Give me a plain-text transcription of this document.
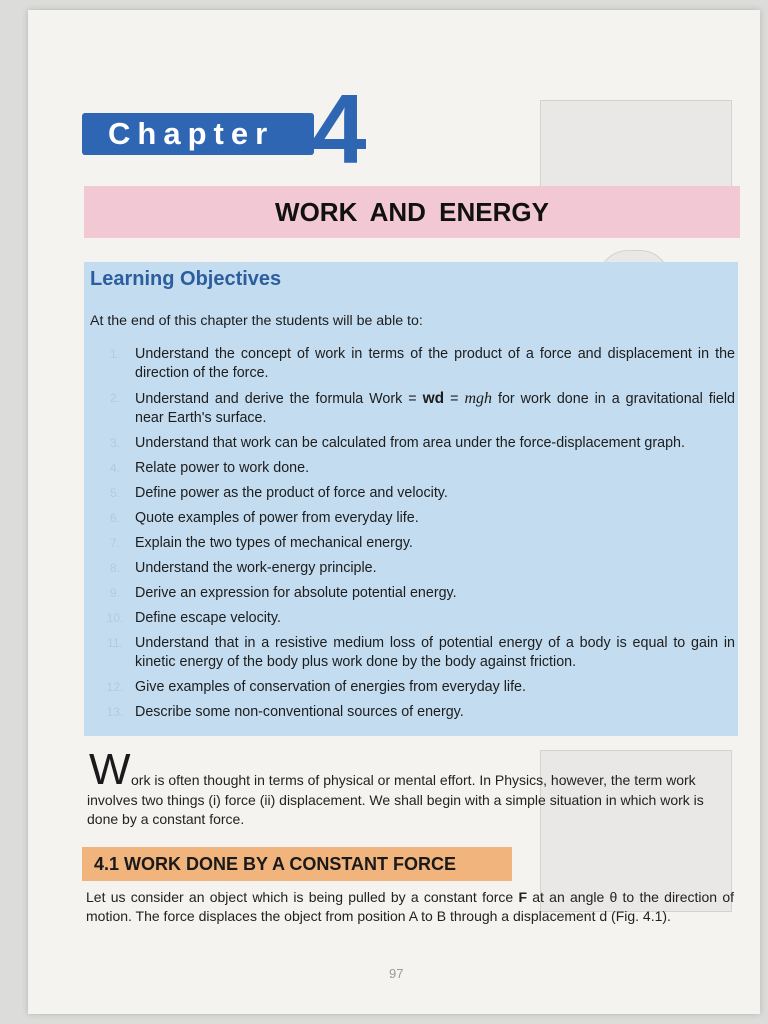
Chapter 4
WORK AND ENERGY
Learning Objectives
At the end of this chapter the students will be able to:
1.	Understand the concept of work in terms of the product of a force and displacement in the direction of the force.
2.	Understand and derive the formula Work = wd = mgh for work done in a gravitational field near Earth's surface.
3.	Understand that work can be calculated from area under the force-displacement graph.
4.	Relate power to work done.
5.	Define power as the product of force and velocity.
6.	Quote examples of power from everyday life.
7.	Explain the two types of mechanical energy.
8.	Understand the work-energy principle.
9.	Derive an expression for absolute potential energy.
10. Define escape velocity.
11. Understand that in a resistive medium loss of potential energy of a body is equal to gain in kinetic energy of the body plus work done by the body against friction.
12. Give examples of conservation of energies from everyday life.
13. Describe some non-conventional sources of energy.
W ork is often thought in terms of physical or mental effort. In Physics, however, the term work involves two things (i) force (ii) displacement. We shall begin with a simple situation in which work is done by a constant force.

4.1 WORK DONE BY A CONSTANT FORCE

Let us consider an object which is being pulled by a constant force F at an angle θ to the direction of motion. The force displaces the object from position A to B through a displacement d (Fig. 4.1).

97
